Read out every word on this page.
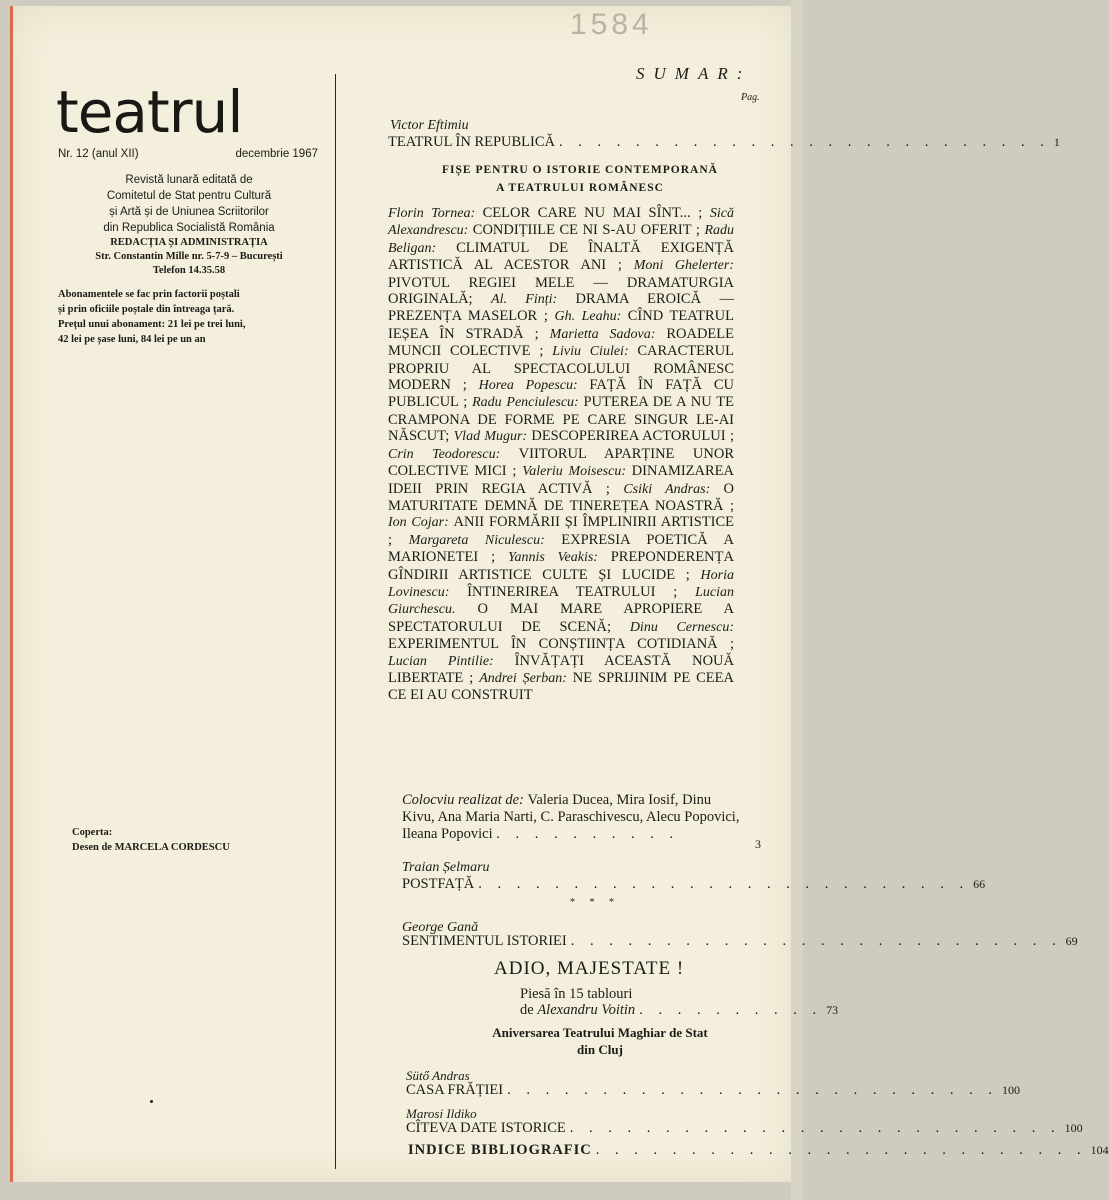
1584
teatrul
Nr. 12 (anul XII)	decembrie 1967
Revistă lunară editată de
Comitetul de Stat pentru Cultură
și Artă și de Uniunea Scriitorilor
din Republica Socialistă România
REDACȚIA ȘI ADMINISTRAȚIA
Str. Constantin Mille nr. 5-7-9 – București
Telefon 14.35.58
Abonamentele se fac prin factorii poștali
și prin oficiile poștale din întreaga țară.
Prețul unui abonament: 21 lei pe trei luni,
42 lei pe șase luni, 84 lei pe un an
Coperta:
Desen de MARCELA CORDESCU
SUMAR:
Pag.
Victor Eftimiu
TEATRUL ÎN REPUBLICĂ . . . . . . . . . . . . . . . . . . . . . . . . . . 1
FIȘE PENTRU O ISTORIE CONTEMPORANĂ
A TEATRULUI ROMÂNESC
Florin Tornea: CELOR CARE NU MAI SÎNT... ; Sică Alexandrescu: CONDIȚIILE CE NI S-AU OFERIT ; Radu Beligan: CLIMATUL DE ÎNALTĂ EXIGENȚĂ ARTISTICĂ AL ACESTOR ANI ; Moni Ghelerter: PIVOTUL REGIEI MELE — DRAMATURGIA ORIGINALĂ; Al. Finți: DRAMA EROICĂ — PREZENȚA MASELOR ; Gh. Leahu: CÎND TEATRUL IEȘEA ÎN STRADĂ ; Marietta Sadova: ROADELE MUNCII COLECTIVE ; Liviu Ciulei: CARACTERUL PROPRIU AL SPECTACOLULUI ROMÂNESC MODERN ; Horea Popescu: FAȚĂ ÎN FAȚĂ CU PUBLICUL ; Radu Penciulescu: PUTEREA DE A NU TE CRAMPONA DE FORME PE CARE SINGUR LE-AI NĂSCUT; Vlad Mugur: DESCOPERIREA ACTORULUI ; Crin Teodorescu: VIITORUL APARȚINE UNOR COLECTIVE MICI ; Valeriu Moisescu: DINAMIZAREA IDEII PRIN REGIA ACTIVĂ ; Csiki Andras: O MATURITATE DEMNĂ DE TINEREȚEA NOASTRĂ ; Ion Cojar: ANII FORMĂRII ȘI ÎMPLINIRII ARTISTICE ; Margareta Niculescu: EXPRESIA POETICĂ A MARIONETEI ; Yannis Veakis: PREPONDERENȚA GÎNDIRII ARTISTICE CULTE ȘI LUCIDE ; Horia Lovinescu: ÎNTINERIREA TEATRULUI ; Lucian Giurchescu. O MAI MARE APROPIERE A SPECTATORULUI DE SCENĂ; Dinu Cernescu: EXPERIMENTUL ÎN CONȘTIINȚA COTIDIANĂ ; Lucian Pintilie: ÎNVĂȚAȚI ACEASTĂ NOUĂ LIBERTATE ; Andrei Șerban: NE SPRIJINIM PE CEEA CE EI AU CONSTRUIT
Colocviu realizat de: Valeria Ducea, Mira Iosif, Dinu Kivu, Ana Maria Narti, C. Paraschivescu, Alecu Popovici, Ileana Popovici . . . . . . . . . .
3
Traian Șelmaru
POSTFAȚĂ . . . . . . . . . . . . . . . . . . . . . . . . . . 66
* * *
George Gană
SENTIMENTUL ISTORIEI . . . . . . . . . . . . . . . . . . . . . . . . . . 69
ADIO, MAJESTATE !
Piesă în 15 tablouri
de Alexandru Voitin . . . . . . . . . . 73
Aniversarea Teatrului Maghiar de Stat
din Cluj
Sütő Andras
CASA FRĂȚIEI . . . . . . . . . . . . . . . . . . . . . . . . . . 100
Marosi Ildiko
CÎTEVA DATE ISTORICE . . . . . . . . . . . . . . . . . . . . . . . . . . 100
INDICE BIBLIOGRAFIC . . . . . . . . . . . . . . . . . . . . . . . . . . 104
